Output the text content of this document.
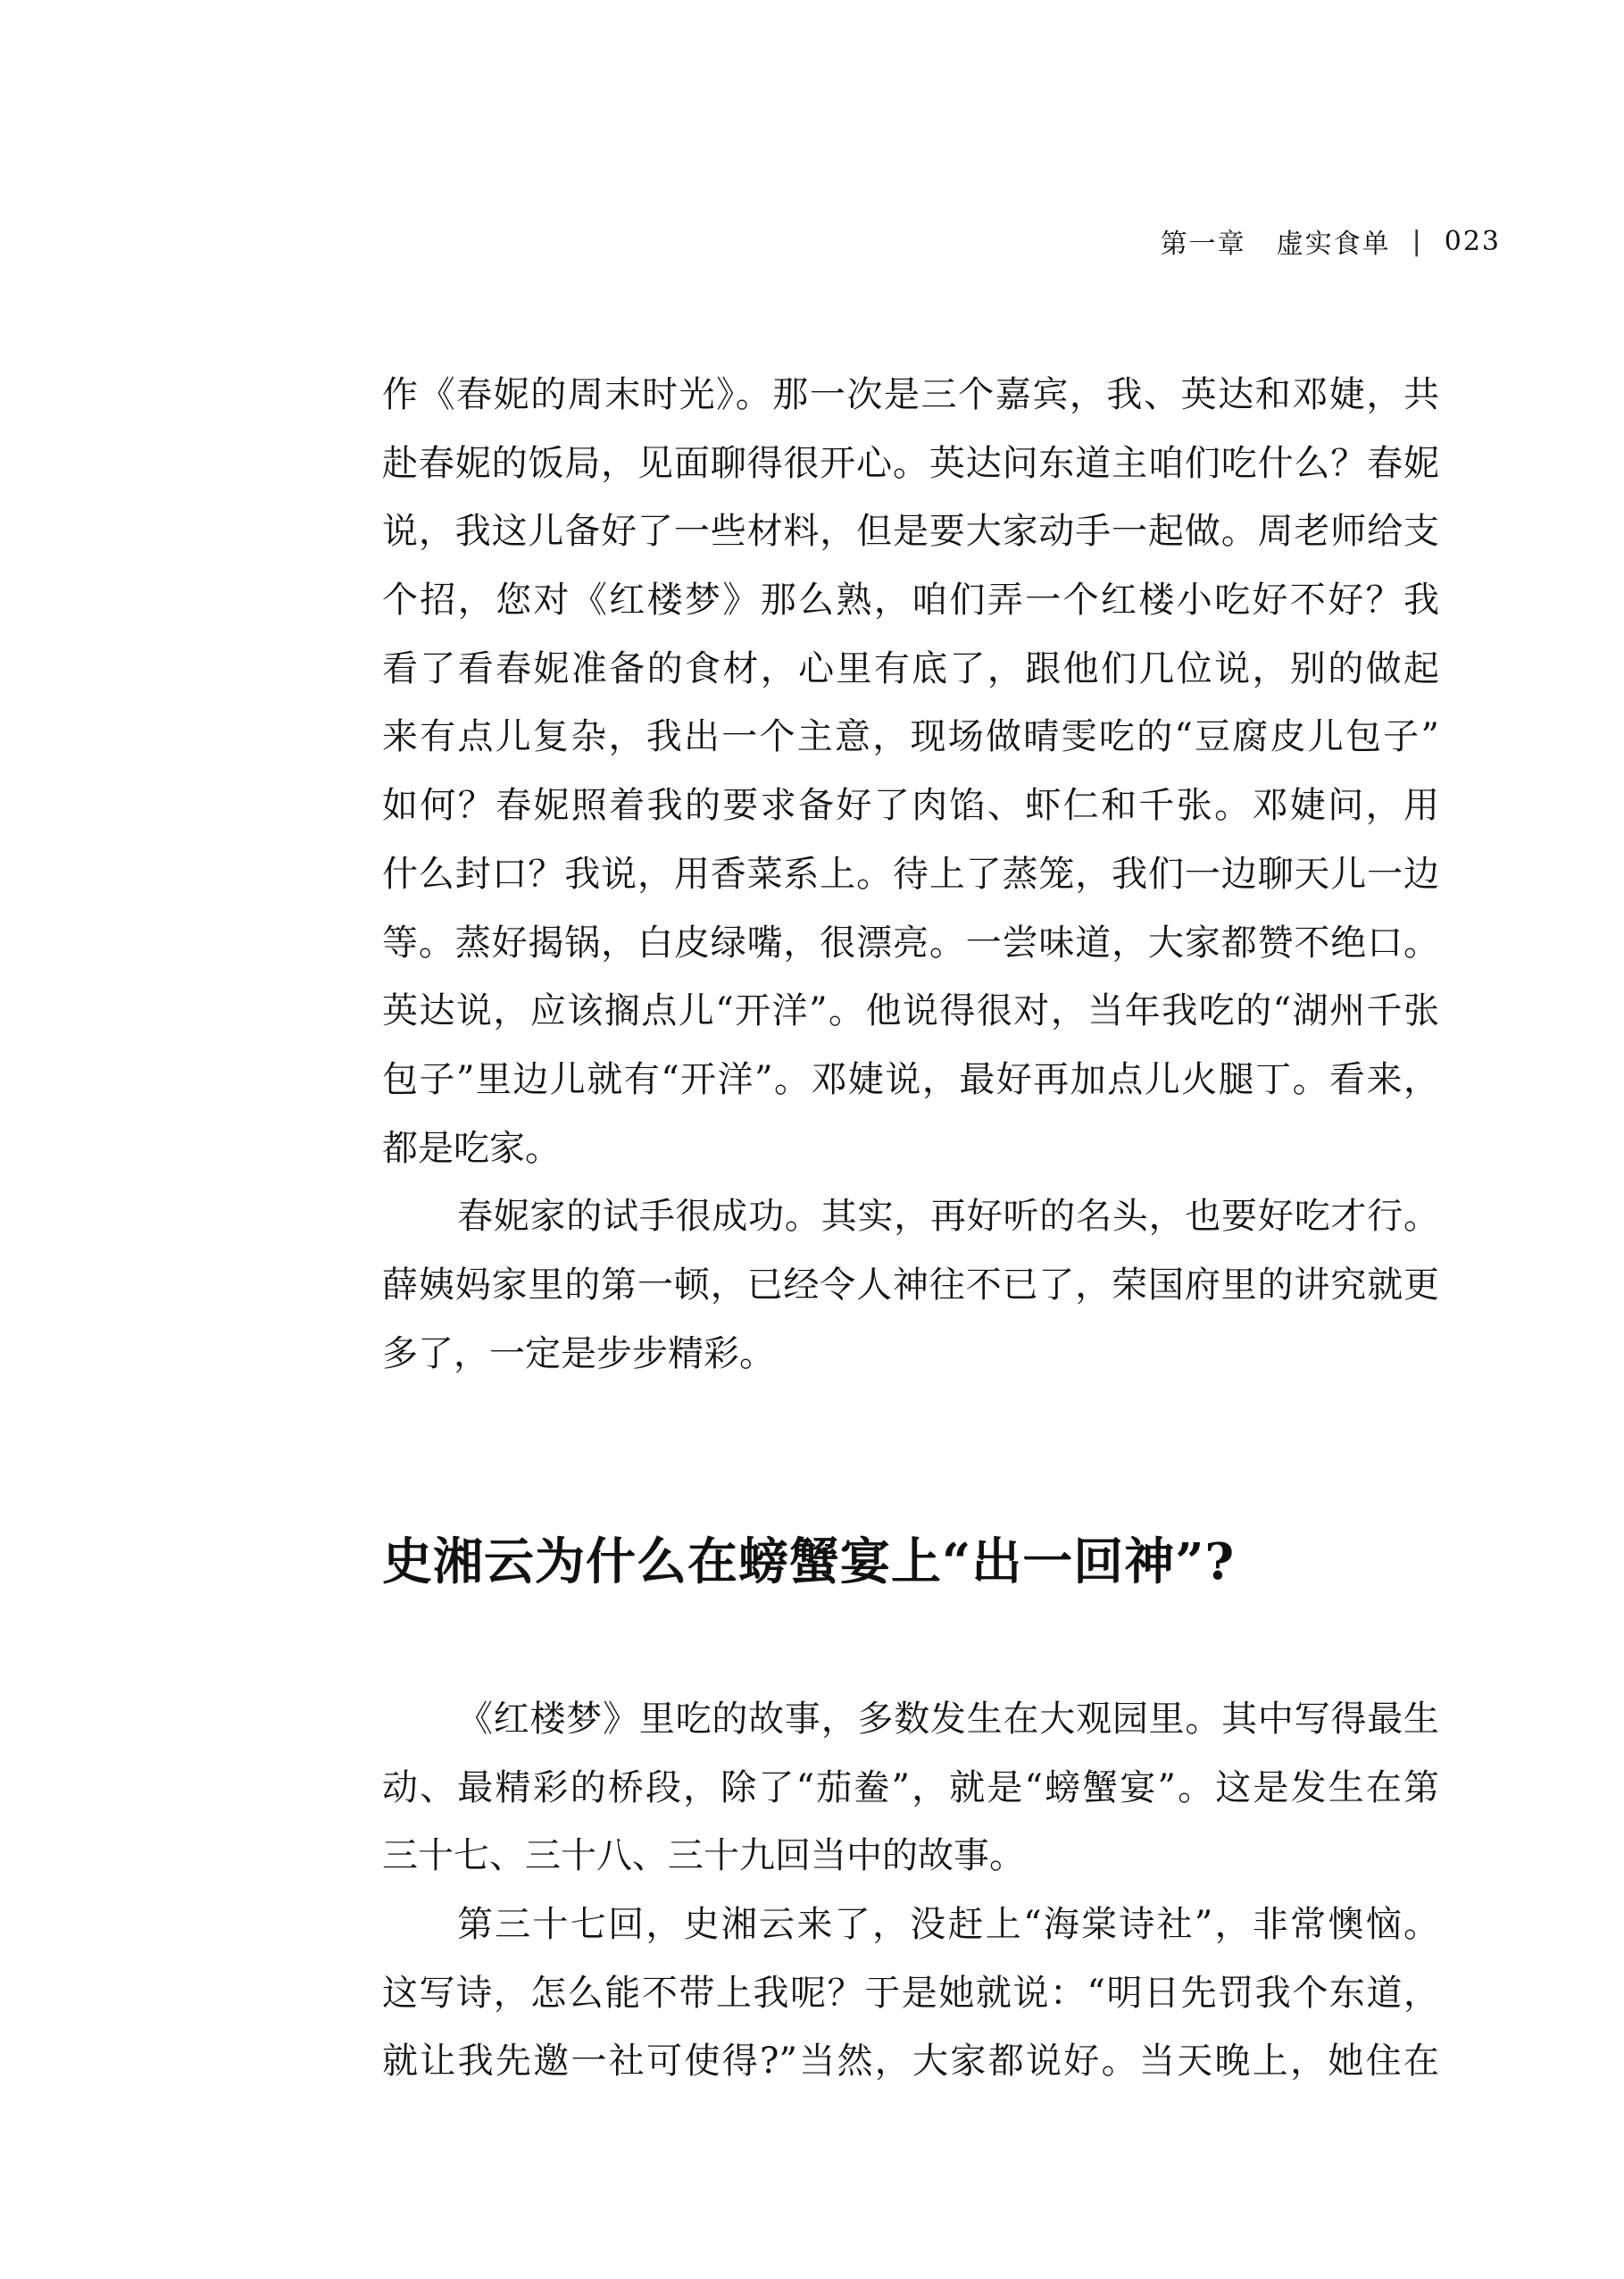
第一章 虚实食单 | 023
作《春妮的周末时光》。那一次是三个嘉宾，我、英达和邓婕，共
赴春妮的饭局，见面聊得很开心。英达问东道主咱们吃什么？春妮
说，我这儿备好了一些材料，但是要大家动手一起做。周老师给支
个招，您对《红楼梦》那么熟，咱们弄一个红楼小吃好不好？我
看了看春妮准备的食材，心里有底了，跟他们几位说，别的做起
来有点儿复杂，我出一个主意，现场做晴雯吃的“豆腐皮儿包子”
如何？春妮照着我的要求备好了肉馅、虾仁和千张。邓婕问，用
什么封口？我说，用香菜系上。待上了蒸笼，我们一边聊天儿一边
等。蒸好揭锅，白皮绿嘴，很漂亮。一尝味道，大家都赞不绝口。
英达说，应该搁点儿“开洋”。他说得很对，当年我吃的“湖州千张
包子”里边儿就有“开洋”。邓婕说，最好再加点儿火腿丁。看来，
都是吃家。
春妮家的试手很成功。其实，再好听的名头，也要好吃才行。
薛姨妈家里的第一顿，已经令人神往不已了，荣国府里的讲究就更
多了，一定是步步精彩。
史湘云为什么在螃蟹宴上“出一回神”?
《红楼梦》里吃的故事，多数发生在大观园里。其中写得最生
动、最精彩的桥段，除了“茄鲞”，就是“螃蟹宴”。这是发生在第
三十七、三十八、三十九回当中的故事。
第三十七回，史湘云来了，没赶上“海棠诗社”，非常懊恼。
这写诗，怎么能不带上我呢？于是她就说：“明日先罚我个东道，
就让我先邀一社可使得?”当然，大家都说好。当天晚上，她住在
